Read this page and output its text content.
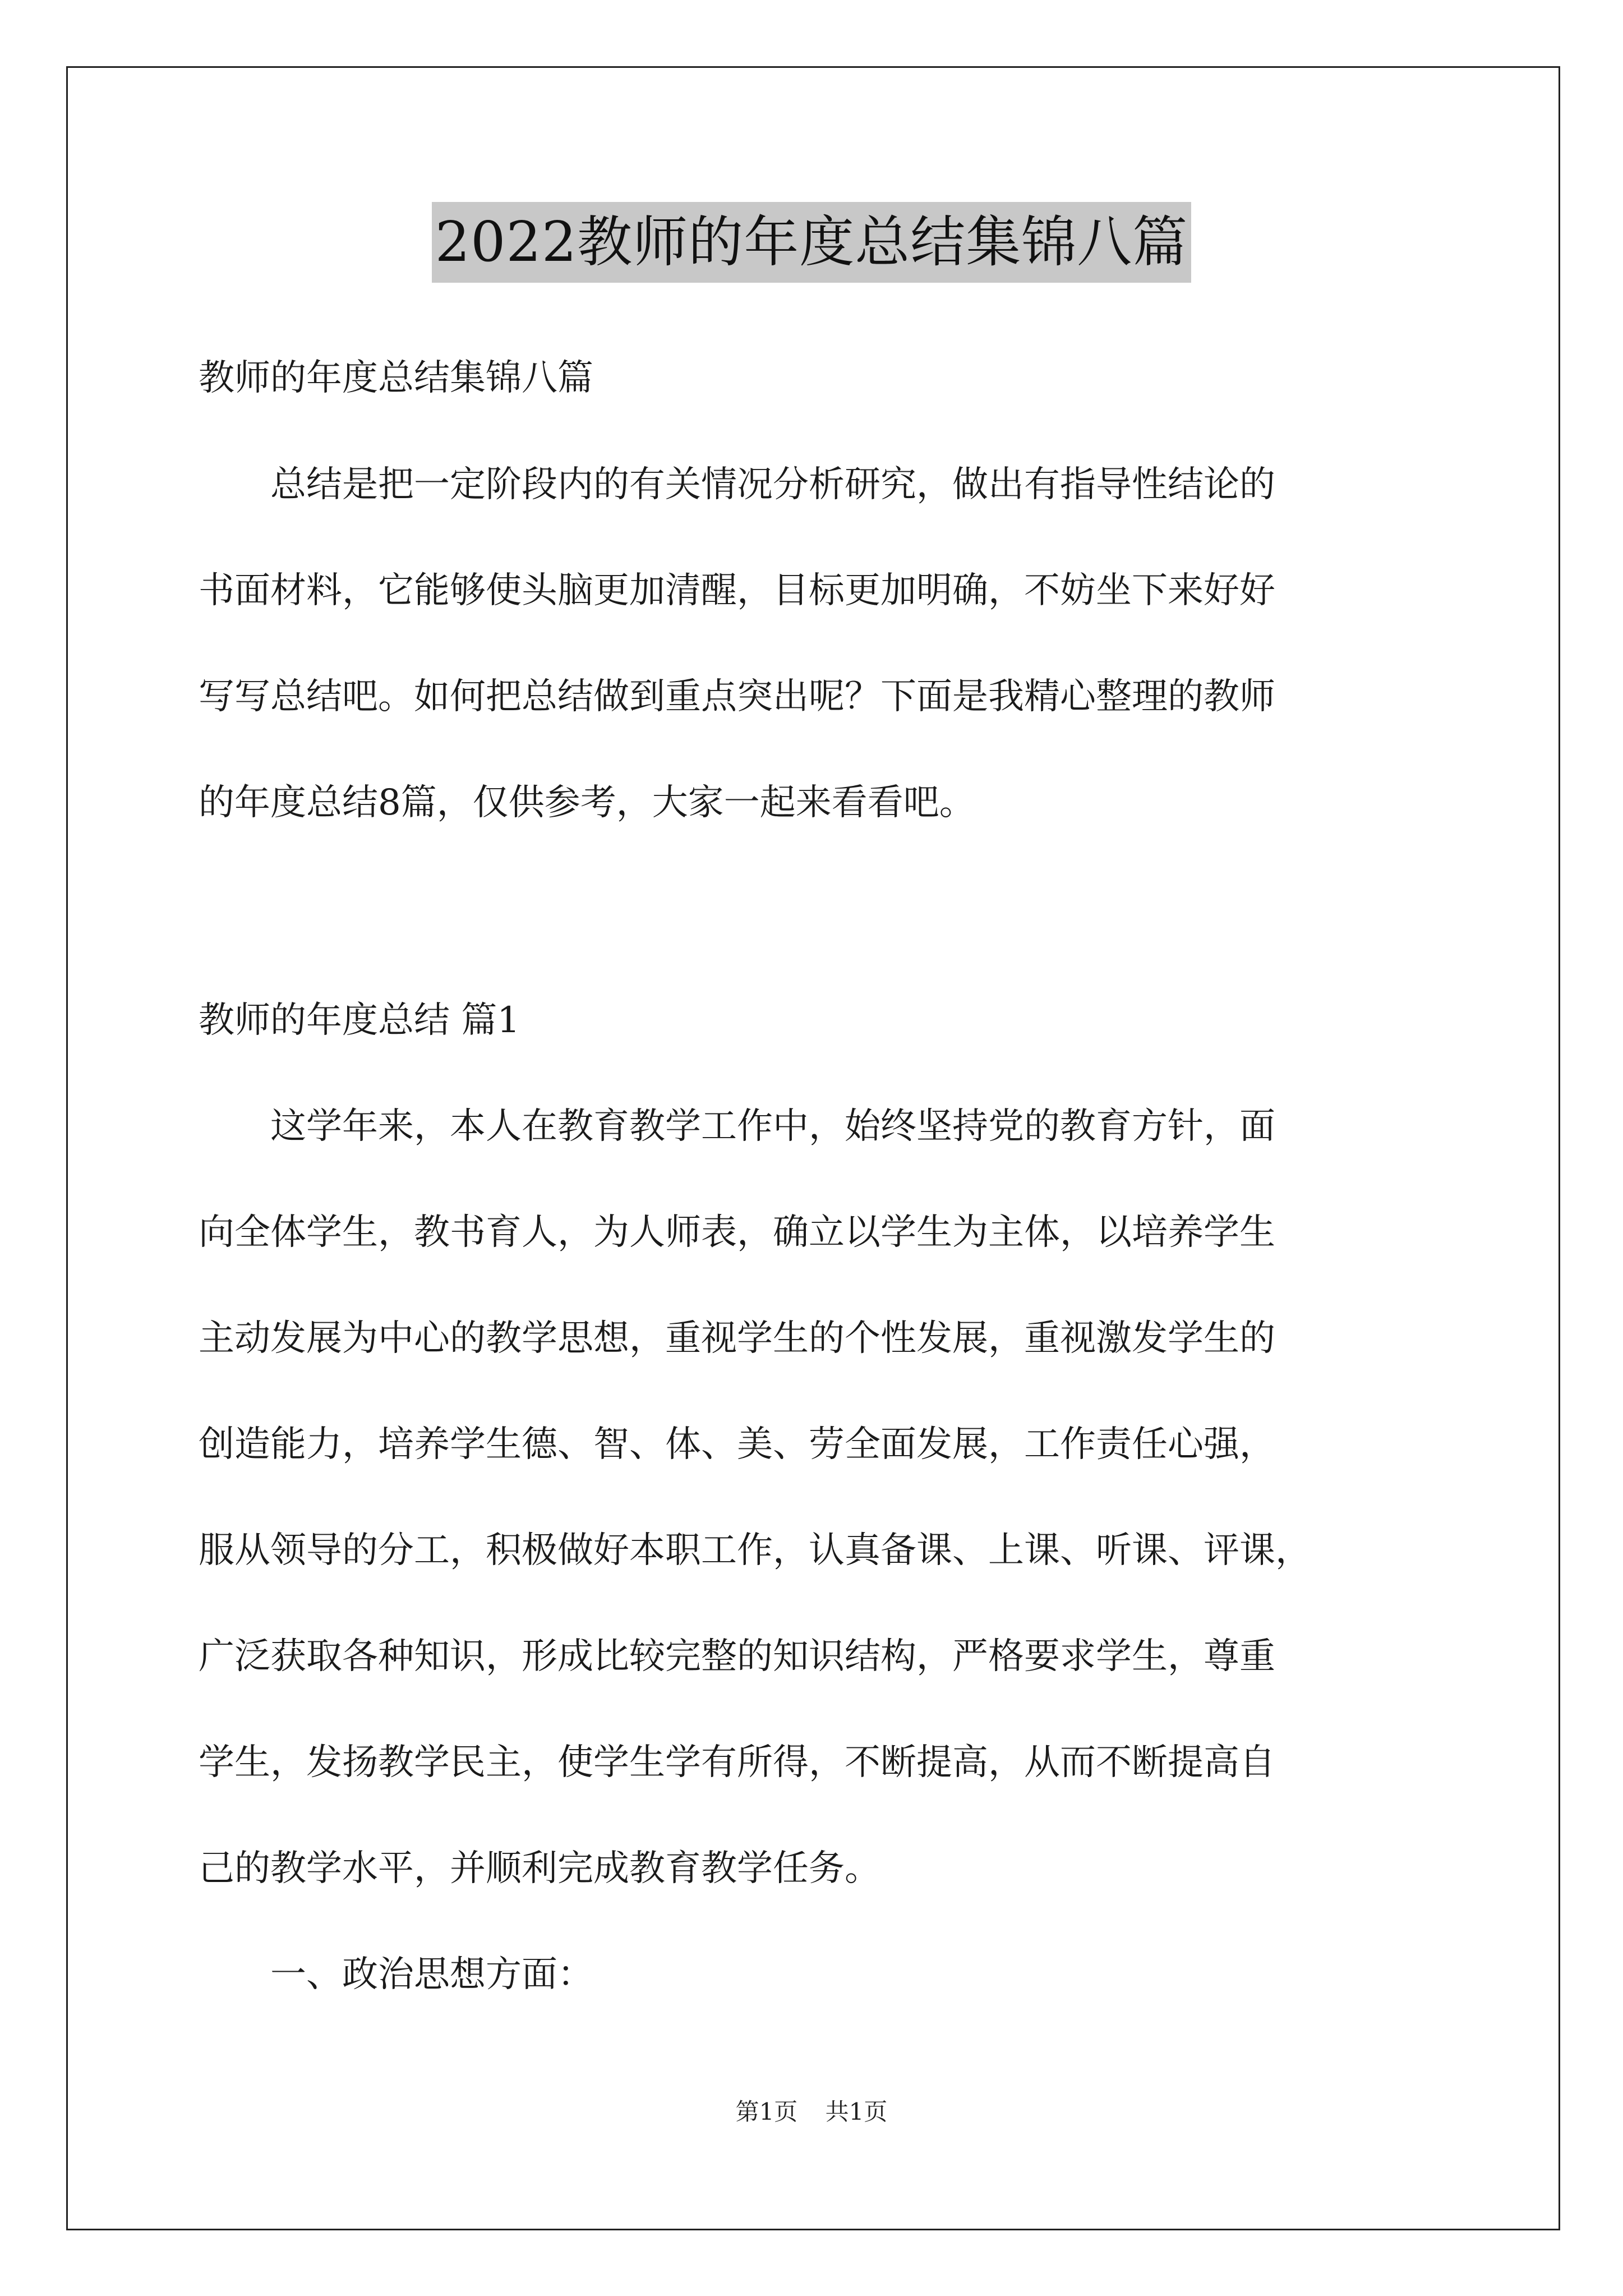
2022教师的年度总结集锦八篇
教师的年度总结集锦八篇
　　总结是把一定阶段内的有关情况分析研究，做出有指导性结论的
书面材料，它能够使头脑更加清醒，目标更加明确，不妨坐下来好好
写写总结吧。如何把总结做到重点突出呢？下面是我精心整理的教师
的年度总结8篇，仅供参考，大家一起来看看吧。
教师的年度总结 篇1
　　这学年来，本人在教育教学工作中，始终坚持党的教育方针，面
向全体学生，教书育人，为人师表，确立以学生为主体，以培养学生
主动发展为中心的教学思想，重视学生的个性发展，重视激发学生的
创造能力，培养学生德、智、体、美、劳全面发展，工作责任心强，
服从领导的分工，积极做好本职工作，认真备课、上课、听课、评课，
广泛获取各种知识，形成比较完整的知识结构，严格要求学生，尊重
学生，发扬教学民主，使学生学有所得，不断提高，从而不断提高自
己的教学水平，并顺利完成教育教学任务。
　　一、政治思想方面：
第1页 共1页
